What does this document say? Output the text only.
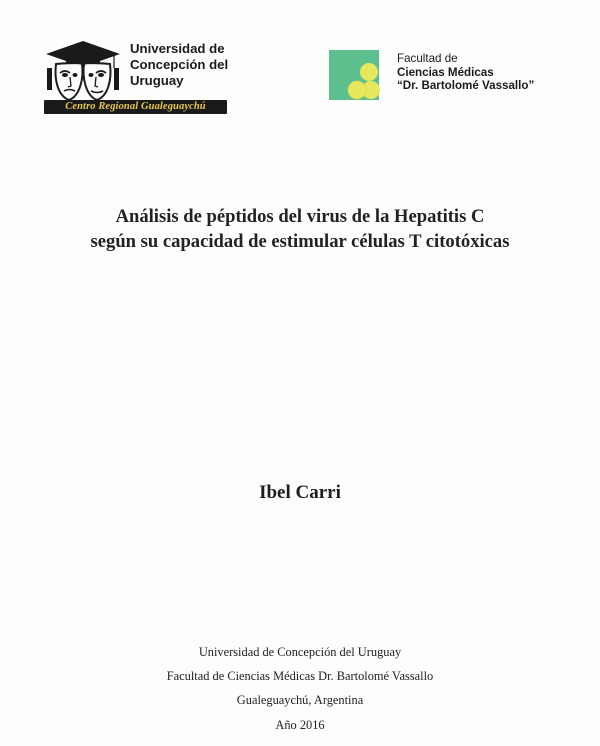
Universidad de
Concepción del
Uruguay

Centro Regional Gualeguaychú

Facultad de
Ciencias Médicas
“Dr. Bartolomé Vassallo”

Análisis de péptidos del virus de la Hepatitis C
según su capacidad de estimular células T citotóxicas

Ibel Carri

Universidad de Concepción del Uruguay
Facultad de Ciencias Médicas Dr. Bartolomé Vassallo
Gualeguaychú, Argentina
Año 2016
